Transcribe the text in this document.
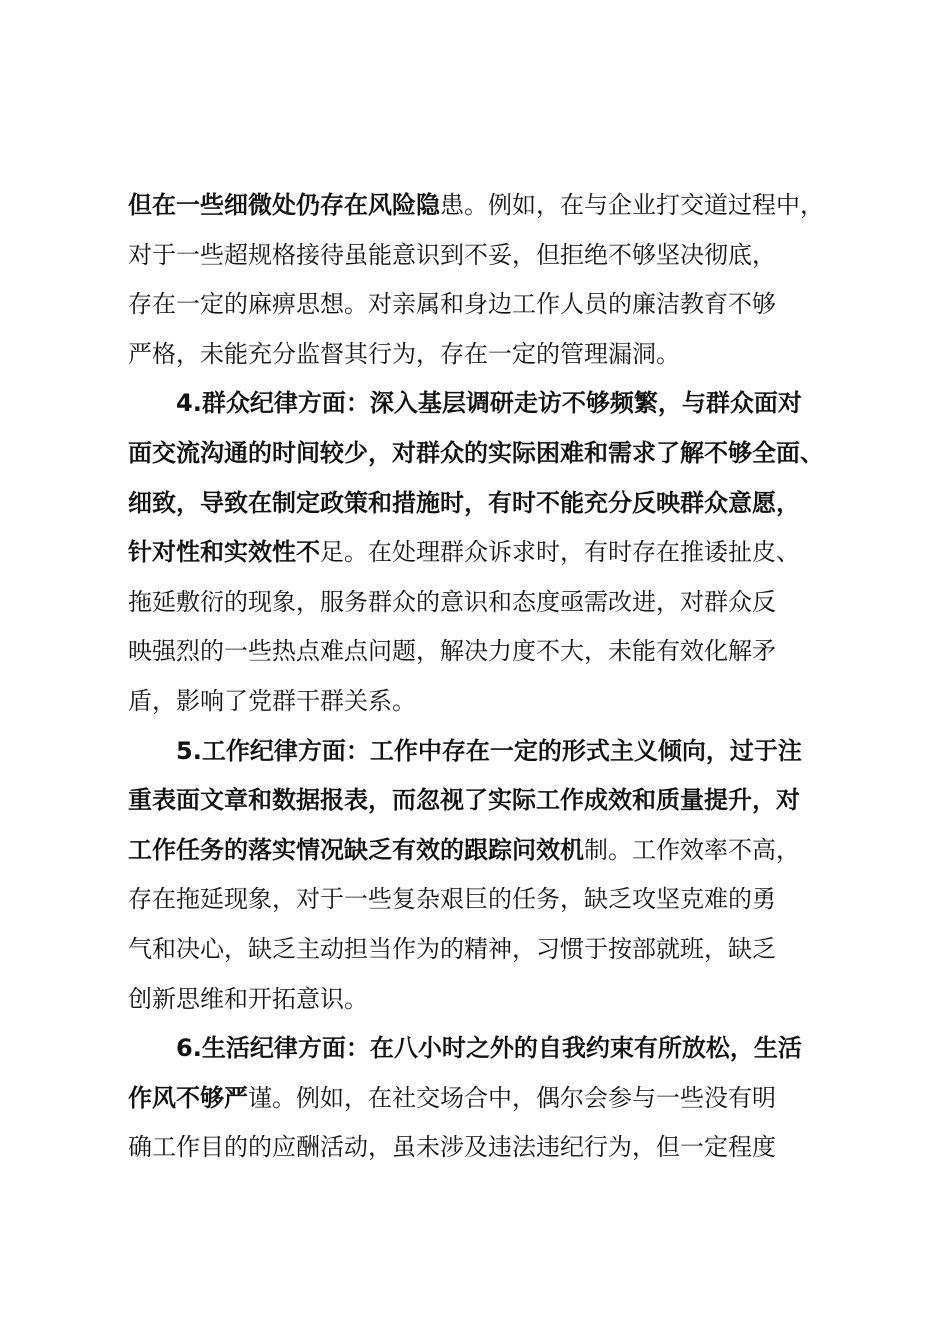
但在一些细微处仍存在风险隐患。例如，在与企业打交道过程中，
对于一些超规格接待虽能意识到不妥，但拒绝不够坚决彻底，
存在一定的麻痹思想。对亲属和身边工作人员的廉洁教育不够
严格，未能充分监督其行为，存在一定的管理漏洞。
4.群众纪律方面：深入基层调研走访不够频繁，与群众面对
面交流沟通的时间较少，对群众的实际困难和需求了解不够全面、
细致，导致在制定政策和措施时，有时不能充分反映群众意愿，
针对性和实效性不足。在处理群众诉求时，有时存在推诿扯皮、
拖延敷衍的现象，服务群众的意识和态度亟需改进，对群众反
映强烈的一些热点难点问题，解决力度不大，未能有效化解矛
盾，影响了党群干群关系。
5.工作纪律方面：工作中存在一定的形式主义倾向，过于注
重表面文章和数据报表，而忽视了实际工作成效和质量提升，对
工作任务的落实情况缺乏有效的跟踪问效机制。工作效率不高，
存在拖延现象，对于一些复杂艰巨的任务，缺乏攻坚克难的勇
气和决心，缺乏主动担当作为的精神，习惯于按部就班，缺乏
创新思维和开拓意识。
6.生活纪律方面：在八小时之外的自我约束有所放松，生活
作风不够严谨。例如，在社交场合中，偶尔会参与一些没有明
确工作目的的应酬活动，虽未涉及违法违纪行为，但一定程度
